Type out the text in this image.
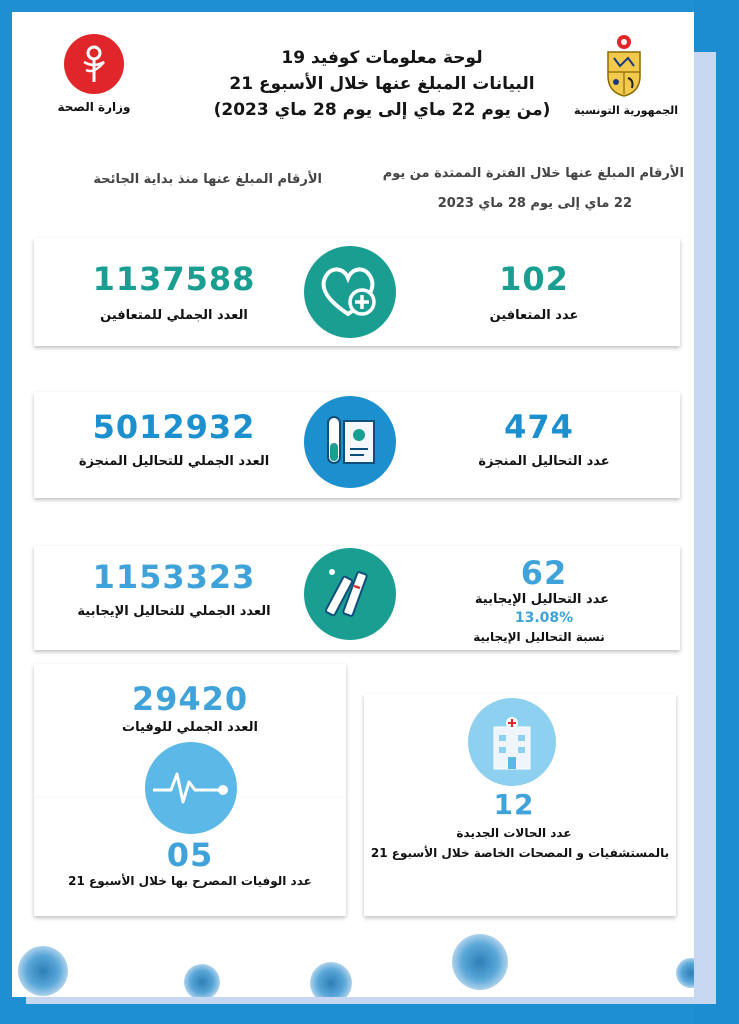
وزارة الصحة	الجمهورية التونسية
لوحة معلومات كوفيد 19
البيانات المبلغ عنها خلال الأسبوع 21
(من يوم 22 ماي إلى يوم 28 ماي 2023)
الأرقام المبلغ عنها خلال الفترة الممتدة من يوم
22 ماي إلى يوم 28 ماي 2023
الأرقام المبلغ عنها منذ بداية الجائحة
1137588
العدد الجملي للمتعافين
102
عدد المتعافين
5012932
العدد الجملي للتحاليل المنجزة
474
عدد التحاليل المنجزة
1153323
العدد الجملي للتحاليل الإيجابية
62
عدد التحاليل الإيجابية
13.08%
نسبة التحاليل الإيجابية
29420
العدد الجملي للوفيات
05
عدد الوفيات المصرح بها خلال الأسبوع 21
12
عدد الحالات الجديدة
بالمستشفيات و المصحات الخاصة خلال الأسبوع 21
